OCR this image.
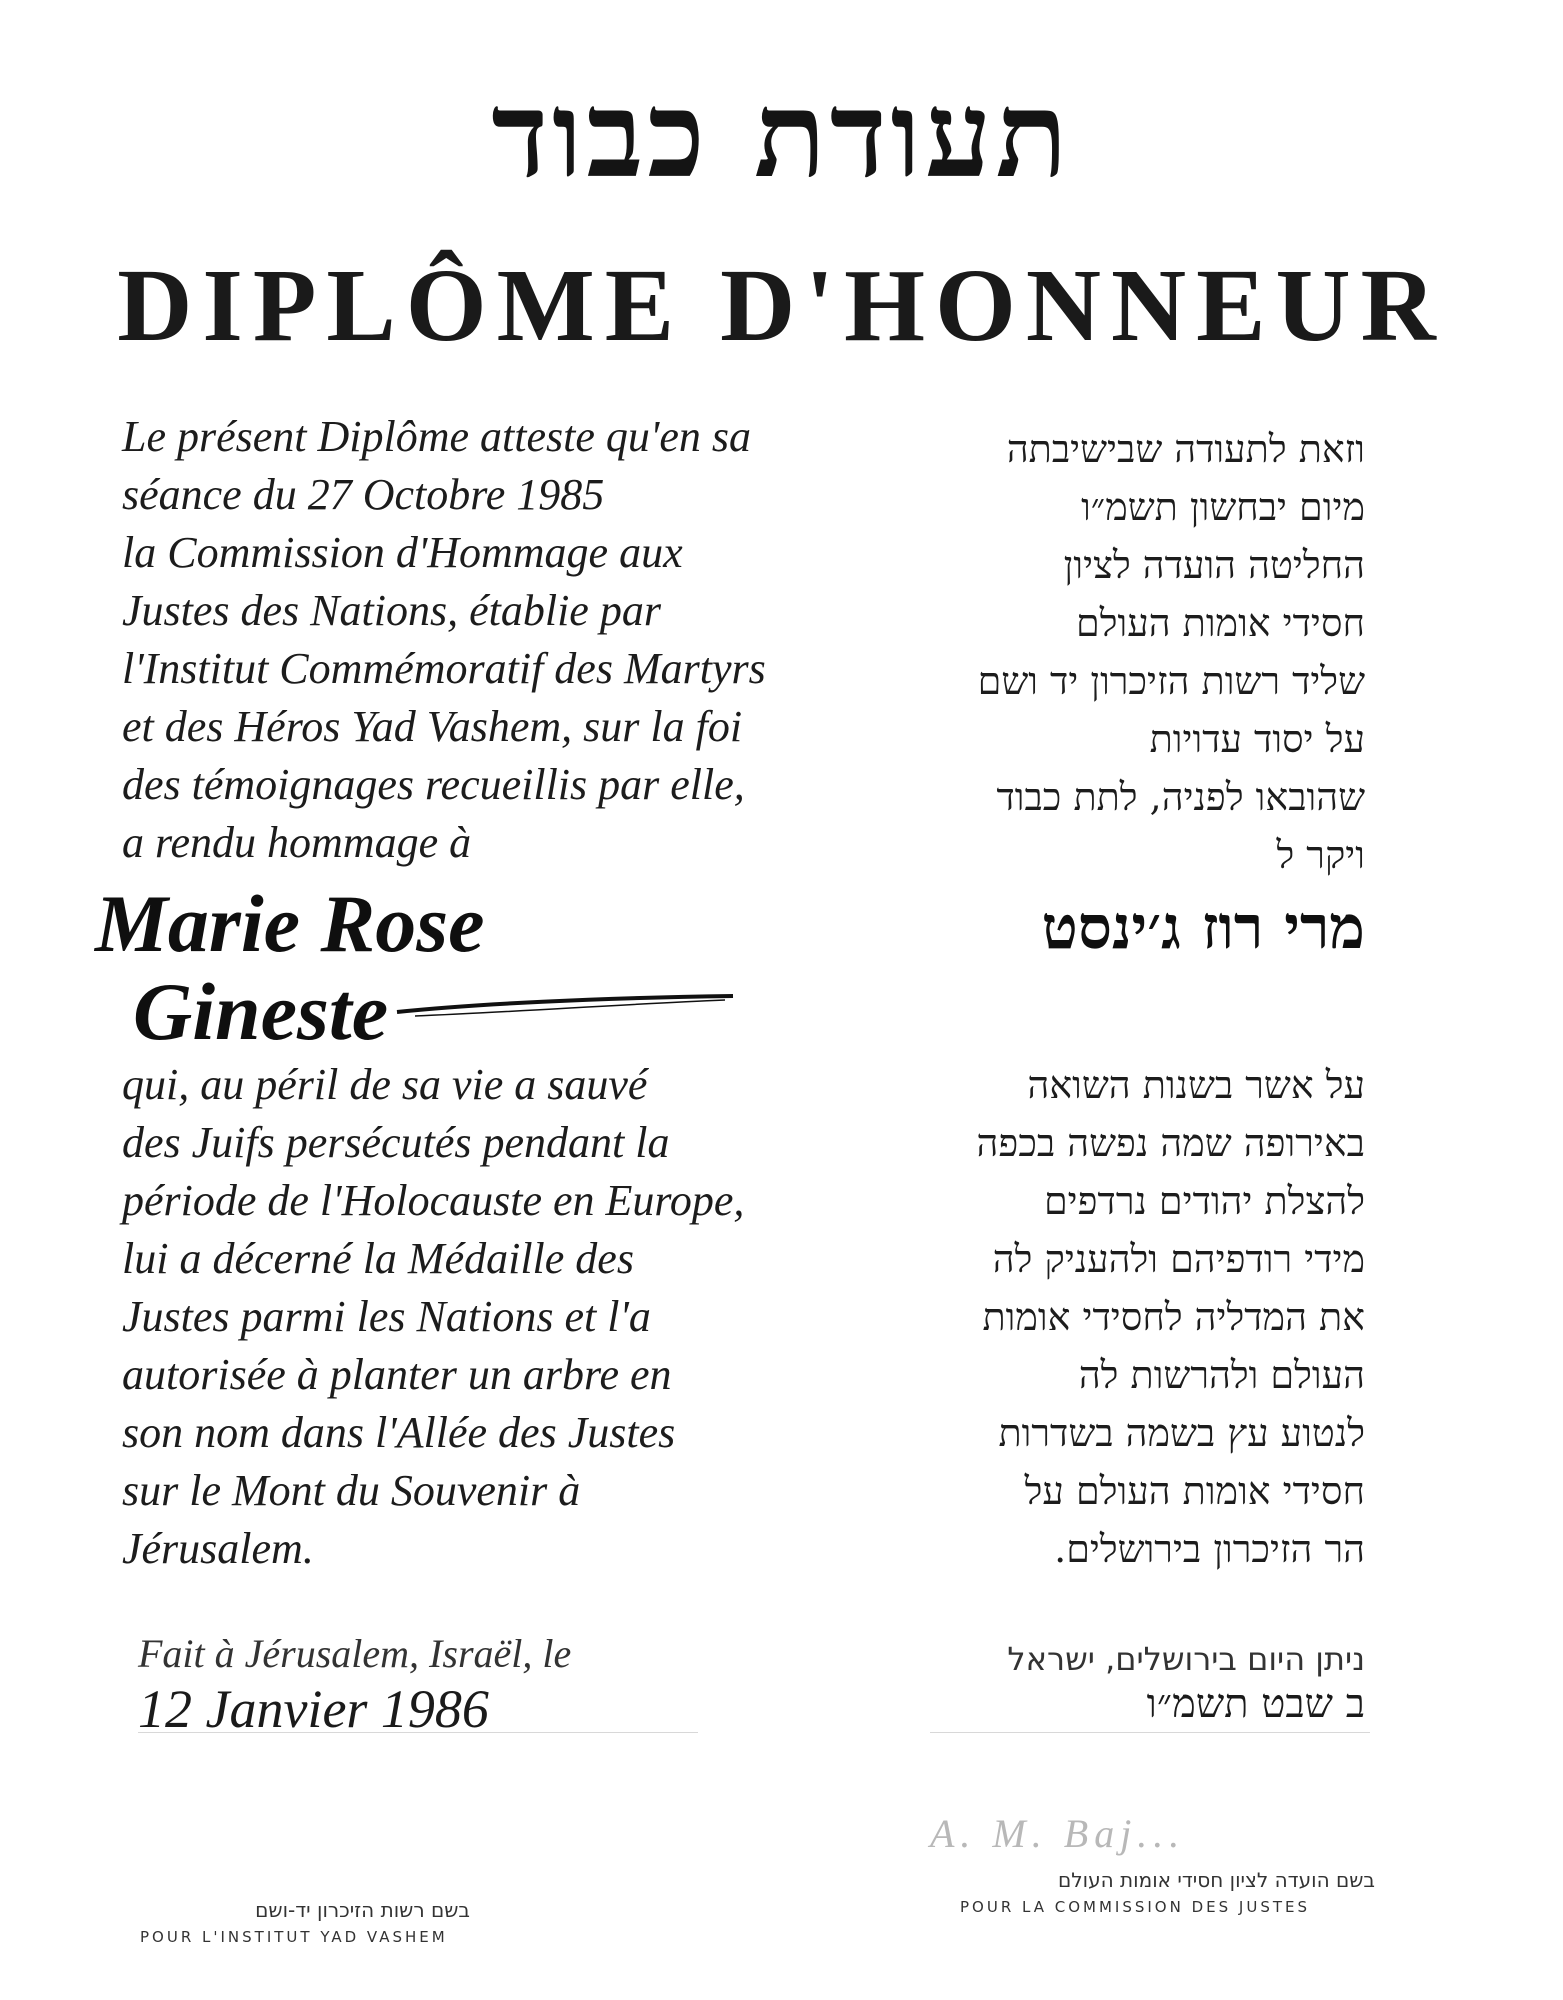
תעודת כבוד
DIPLÔME D'HONNEUR
Le présent Diplôme atteste qu'en sa
séance du 27 Octobre 1985
la Commission d'Hommage aux
Justes des Nations, établie par
l'Institut Commémoratif des Martyrs
et des Héros Yad Vashem, sur la foi
des témoignages recueillis par elle,
a rendu hommage à
וזאת לתעודה שבישיבתה
מיום יבחשון תשמ״ו
החליטה הועדה לציון
חסידי אומות העולם
שליד רשות הזיכרון יד ושם
על יסוד עדויות
שהובאו לפניה, לתת כבוד
ויקר ל
Marie Rose
Gineste
מרי רוז ג׳ינסט
qui, au péril de sa vie a sauvé
des Juifs persécutés pendant la
période de l'Holocauste en Europe,
lui a décerné la Médaille des
Justes parmi les Nations et l'a
autorisée à planter un arbre en
son nom dans l'Allée des Justes
sur le Mont du Souvenir à
Jérusalem.
על אשר בשנות השואה
באירופה שמה נפשה בכפה
להצלת יהודים נרדפים
מידי רודפיהם ולהעניק לה
את המדליה לחסידי אומות
העולם ולהרשות לה
לנטוע עץ בשמה בשדרות
חסידי אומות העולם על
הר הזיכרון בירושלים.
Fait à Jérusalem, Israël, le
12 Janvier 1986
ניתן היום בירושלים, ישראל
ב שבט תשמ״ו
A. M. Baj...
בשם רשות הזיכרון יד-ושם
POUR L'INSTITUT YAD VASHEM
בשם הועדה לציון חסידי אומות העולם
POUR LA COMMISSION DES JUSTES
